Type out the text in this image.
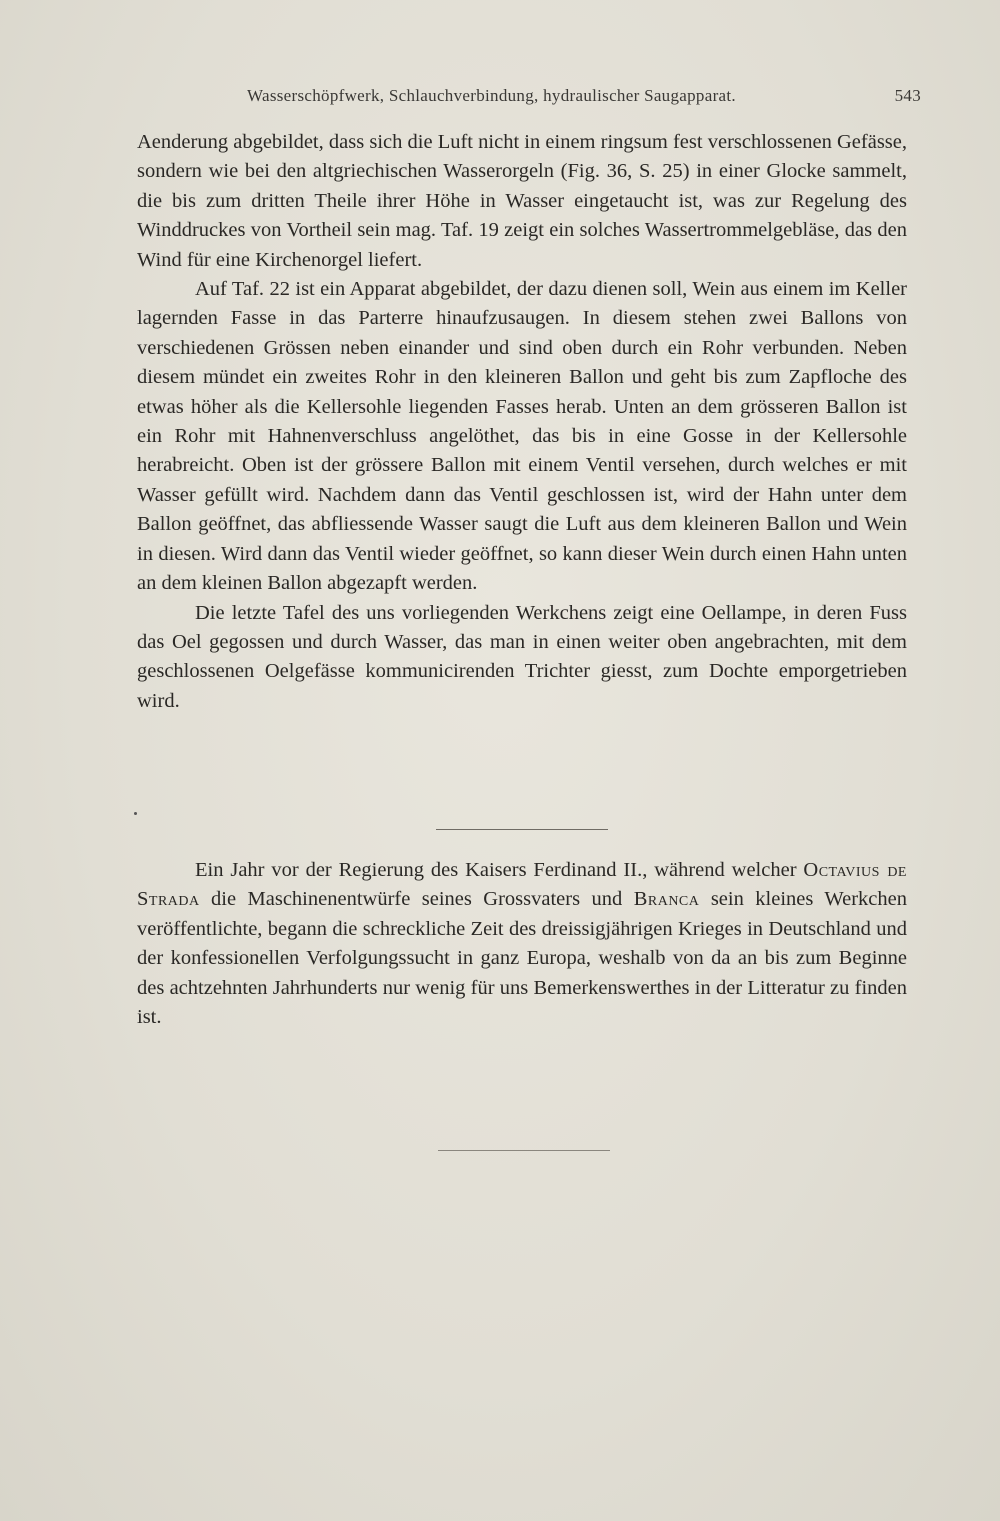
Wasserschöpfwerk, Schlauchverbindung, hydraulischer Saugapparat.	543

Aenderung abgebildet, dass sich die Luft nicht in einem ringsum fest verschlossenen Gefässe, sondern wie bei den altgriechischen Wasserorgeln (Fig. 36, S. 25) in einer Glocke sammelt, die bis zum dritten Theile ihrer Höhe in Wasser eingetaucht ist, was zur Regelung des Winddruckes von Vortheil sein mag. Taf. 19 zeigt ein solches Wassertrommelgebläse, das den Wind für eine Kirchenorgel liefert.

Auf Taf. 22 ist ein Apparat abgebildet, der dazu dienen soll, Wein aus einem im Keller lagernden Fasse in das Parterre hinaufzusaugen. In diesem stehen zwei Ballons von verschiedenen Grössen neben einander und sind oben durch ein Rohr verbunden. Neben diesem mündet ein zweites Rohr in den kleineren Ballon und geht bis zum Zapfloche des etwas höher als die Kellersohle liegenden Fasses herab. Unten an dem grösseren Ballon ist ein Rohr mit Hahnenverschluss angelöthet, das bis in eine Gosse in der Kellersohle herabreicht. Oben ist der grössere Ballon mit einem Ventil versehen, durch welches er mit Wasser gefüllt wird. Nachdem dann das Ventil geschlossen ist, wird der Hahn unter dem Ballon geöffnet, das abfliessende Wasser saugt die Luft aus dem kleineren Ballon und Wein in diesen. Wird dann das Ventil wieder geöffnet, so kann dieser Wein durch einen Hahn unten an dem kleinen Ballon abgezapft werden.

Die letzte Tafel des uns vorliegenden Werkchens zeigt eine Oellampe, in deren Fuss das Oel gegossen und durch Wasser, das man in einen weiter oben angebrachten, mit dem geschlossenen Oelgefässe kommunicirenden Trichter giesst, zum Dochte emporgetrieben wird.

Ein Jahr vor der Regierung des Kaisers Ferdinand II., während welcher Octavius de Strada die Maschinenentwürfe seines Grossvaters und Branca sein kleines Werkchen veröffentlichte, begann die schreckliche Zeit des dreissigjährigen Krieges in Deutschland und der konfessionellen Verfolgungssucht in ganz Europa, weshalb von da an bis zum Beginne des achtzehnten Jahrhunderts nur wenig für uns Bemerkenswerthes in der Litteratur zu finden ist.
